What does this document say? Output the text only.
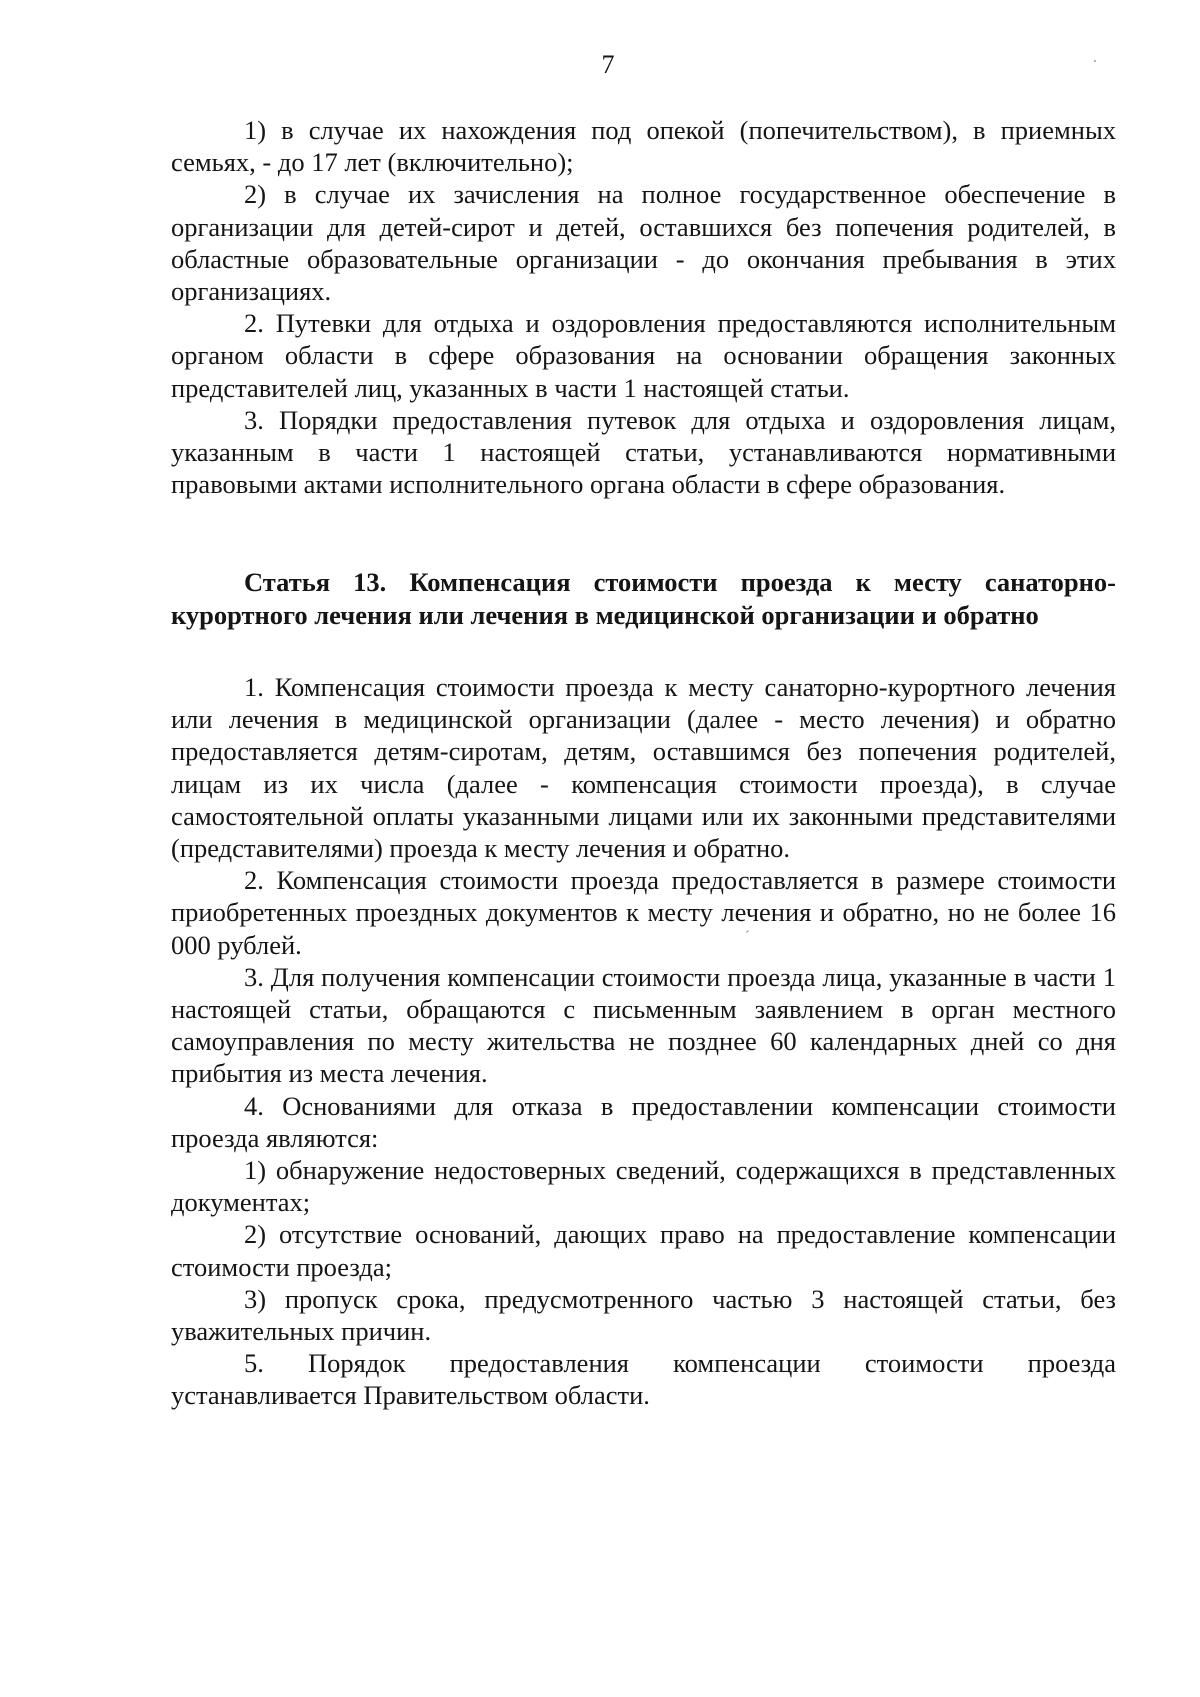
7

1) в случае их нахождения под опекой (попечительством), в приемных семьях, - до 17 лет (включительно);

2) в случае их зачисления на полное государственное обеспечение в организации для детей-сирот и детей, оставшихся без попечения родителей, в областные образовательные организации - до окончания пребывания в этих организациях.

2. Путевки для отдыха и оздоровления предоставляются исполнительным органом области в сфере образования на основании обращения законных представителей лиц, указанных в части 1 настоящей статьи.

3. Порядки предоставления путевок для отдыха и оздоровления лицам, указанным в части 1 настоящей статьи, устанавливаются нормативными правовыми актами исполнительного органа области в сфере образования.

Статья 13. Компенсация стоимости проезда к месту санаторно-курортного лечения или лечения в медицинской организации и обратно

1. Компенсация стоимости проезда к месту санаторно-курортного лечения или лечения в медицинской организации (далее - место лечения) и обратно предоставляется детям-сиротам, детям, оставшимся без попечения родителей, лицам из их числа (далее - компенсация стоимости проезда), в случае самостоятельной оплаты указанными лицами или их законными представителями (представителями) проезда к месту лечения и обратно.

2. Компенсация стоимости проезда предоставляется в размере стоимости приобретенных проездных документов к месту лечения и обратно, но не более 16 000 рублей.

3. Для получения компенсации стоимости проезда лица, указанные в части 1 настоящей статьи, обращаются с письменным заявлением в орган местного самоуправления по месту жительства не позднее 60 календарных дней со дня прибытия из места лечения.

4. Основаниями для отказа в предоставлении компенсации стоимости проезда являются:

1) обнаружение недостоверных сведений, содержащихся в представленных документах;

2) отсутствие оснований, дающих право на предоставление компенсации стоимости проезда;

3) пропуск срока, предусмотренного частью 3 настоящей статьи, без уважительных причин.

5. Порядок предоставления компенсации стоимости проезда устанавливается Правительством области.
